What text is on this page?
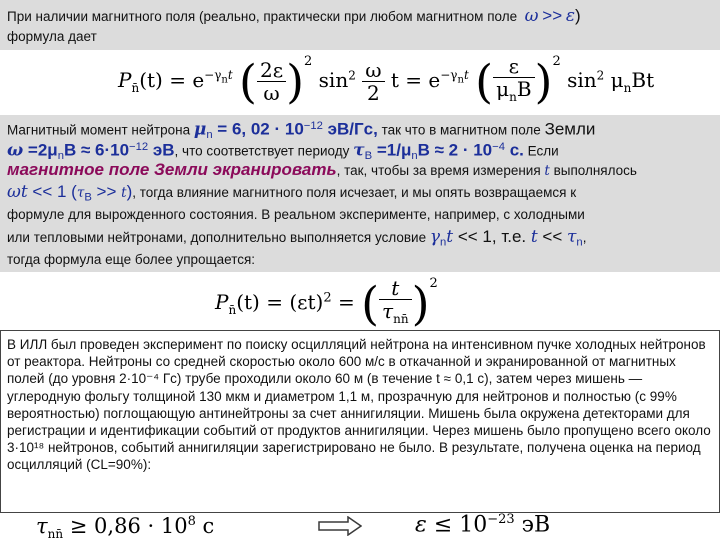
При наличии магнитного поля (реально, практически при любом магнитном поле ω >> ε)
формула дает
$P_{n̄}(t) = e^{-\gamma_nt}$ ( $\frac{2\varepsilon}{\omega} )^2$ $\sin^2 \frac{\omega}{2}$ $t = e^{-\gamma_nt}$ ( $\frac{\varepsilon}{\mu_nB} )^2$ $\sin^2 \mu_nBt$
Магнитный момент нейтрона $\mu_n = 6$, $02 \cdot 10^{-12}$ эВ/Гс, так что в магнитном поле Земли
$\omega =2\mu_nB \approx 6\cdot 10^{-12}$ эВ, что соответствует периоду $\tau_B =1/\mu_nB \approx 2 \cdot 10^{-4}$ с. Если
магнитное поле Земли экранировать, так, чтобы за время измерения t выполнялось
ωt << 1 $(\tau_B >> t)$, тогда влияние магнитного поля исчезает, и мы опять возвращаемся к
формуле для вырожденного состояния. В реальном эксперименте, например, с холодными
или тепловыми нейтронами, дополнительно выполняется условие $\gamma_nt << 1$, т.е. $t << \tau_n$,
тогда формула еще более упрощается:
$P_{n̄}(t) = (\varepsilon t)^2$ = ( $\frac{t}{\tau_{nn̄}} )^2$
В ИЛЛ был проведен эксперимент по поиску осцилляций нейтрона на интенсивном пучке холодных нейтронов от реактора. Нейтроны со средней скоростью около 600 м/с в откачанной и экранированной от магнитных полей (до уровня 2·10⁻⁴ Гс) трубе проходили около 60 м (в течение t ≈ 0,1 с), затем через мишень — углеродную фольгу толщиной 130 мкм и диаметром 1,1 м, прозрачную для нейтронов и полностью (с 99% вероятностью) поглощающую антинейтроны за счет аннигиляции. Мишень была окружена детекторами для регистрации и идентификации событий от продуктов аннигиляции. Через мишень было пропущено всего около 3·10¹⁸ нейтронов, событий аннигиляции зарегистрировано не было. В результате, получена оценка на период осцилляций (CL=90%):
$\tau_{nn̄} \ge 0,86 \cdot 10^8$ c	$\varepsilon \le 10^{-23}$ эВ
